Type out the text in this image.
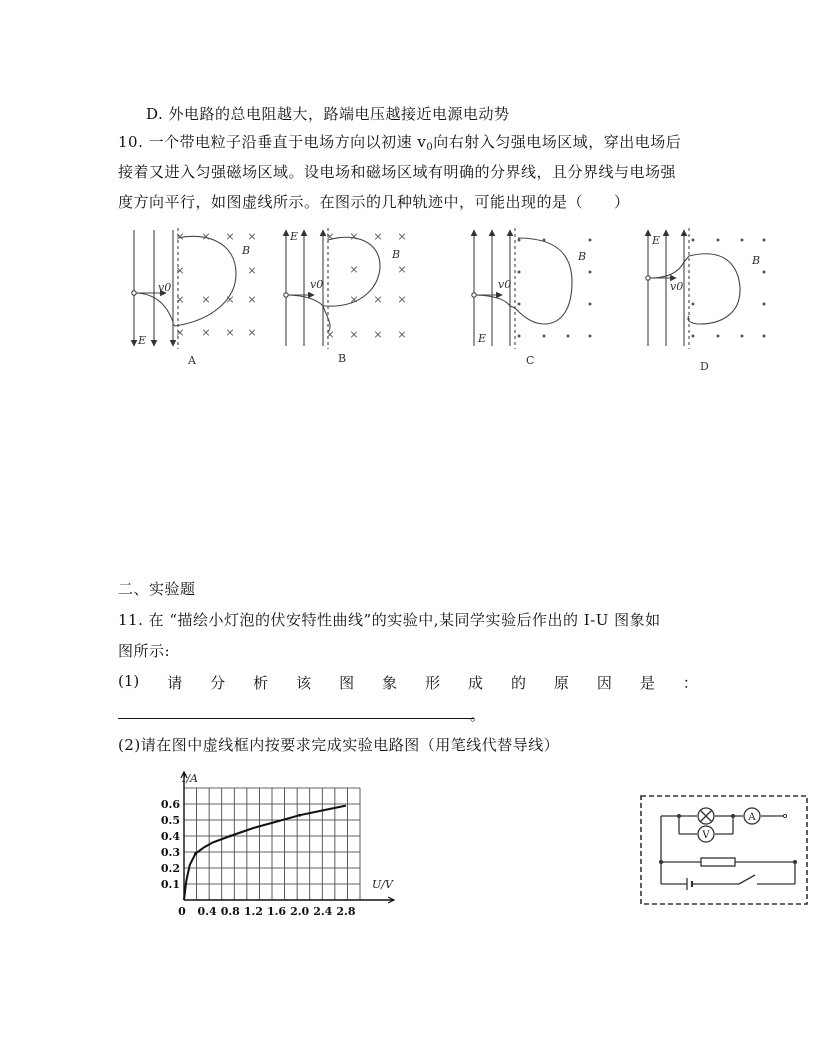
D. 外电路的总电阻越大，路端电压越接近电源电动势
10. 一个带电粒子沿垂直于电场方向以初速 $v_0$向右射入匀强电场区域，穿出电场后
接着又进入匀强磁场区域。设电场和磁场区域有明确的分界线，且分界线与电场强
度方向平行，如图虚线所示。在图示的几种轨迹中，可能出现的是（　　）
v0
E
B
A
× × × ×
×
×
×
× × ×
×
× × ×
v0
E
B
B
× × × ×
×	×
× × ×
× × × ×
v0
E
B
C
v0
E
B
D
二、实验题
11. 在 “描绘小灯泡的伏安特性曲线”的实验中,某同学实验后作出的 I-U 图象如
图所示:
(1) 请 分 析 该 图 象 形 成 的 原 因 是 ：
。
(2)请在图中虚线框内按要求完成实验电路图（用笔线代替导线）
0.1
0.2
0.3
0.4
0.5
0.6
0 0.4 0.8 1.2 1.6 2.0 2.4 2.8
I/A
U/V
A
V
